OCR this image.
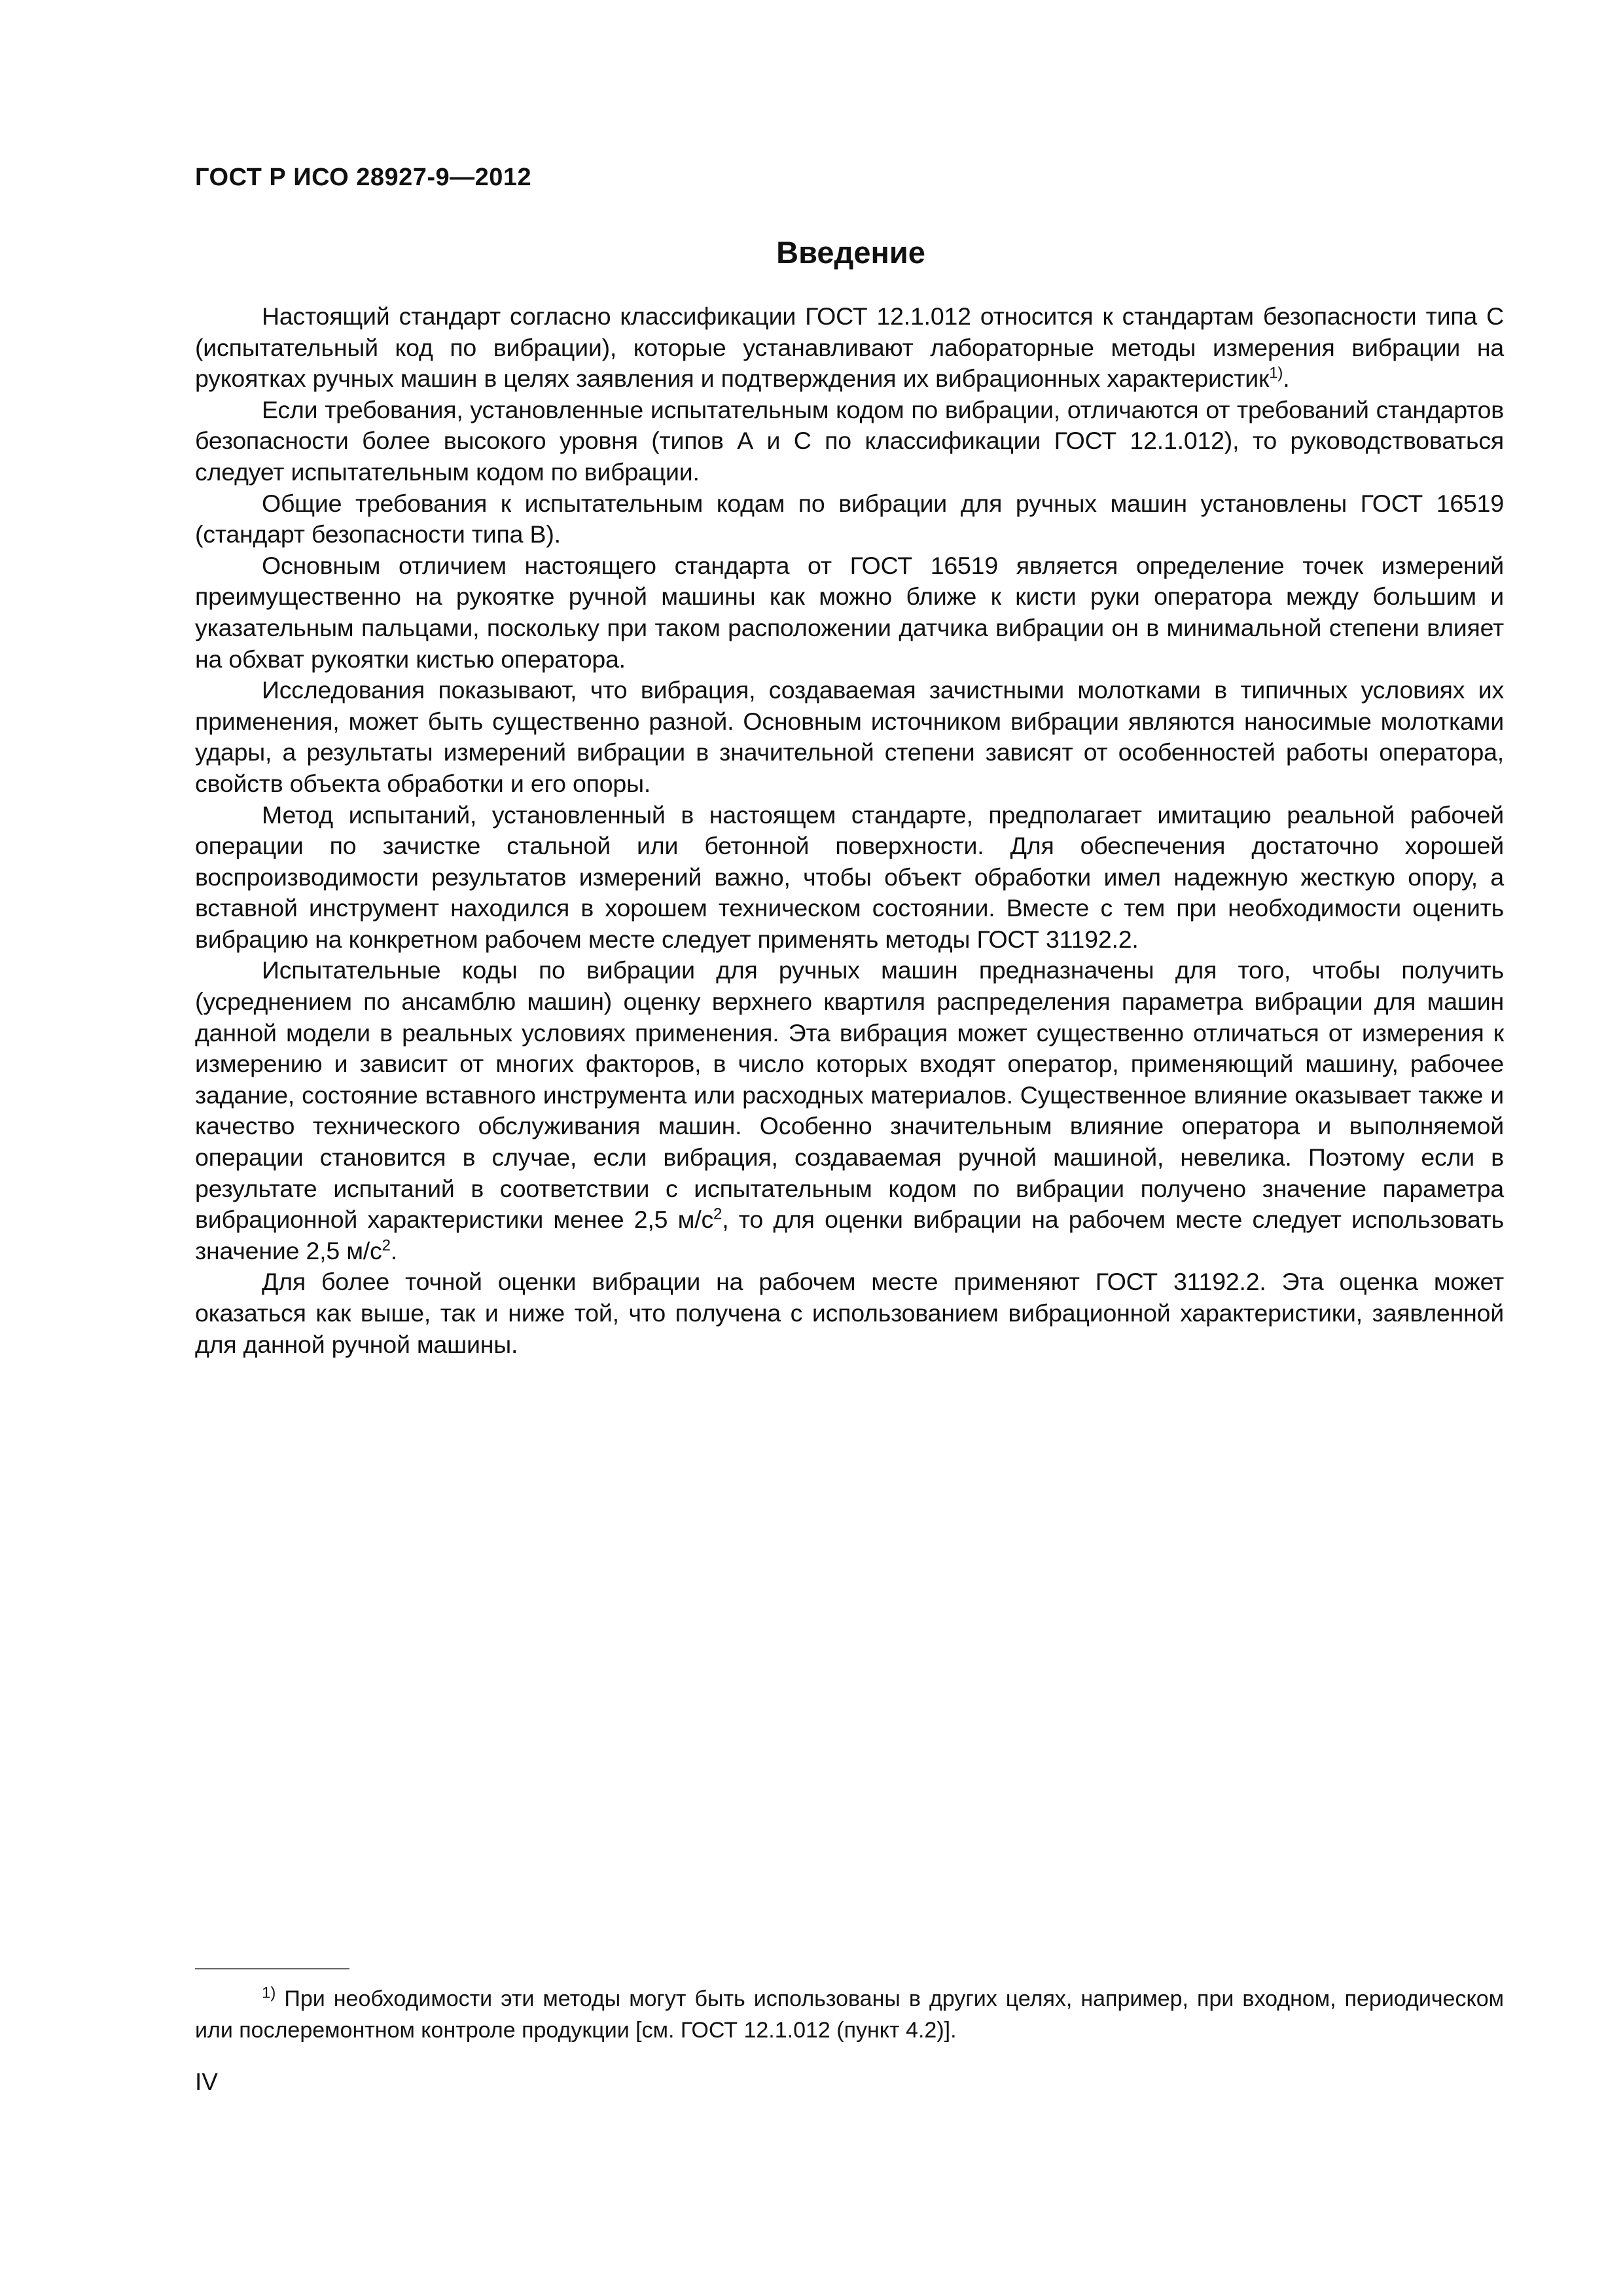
ГОСТ Р ИСО 28927-9—2012
Введение

Настоящий стандарт согласно классификации ГОСТ 12.1.012 относится к стандартам безопасности типа С (испытательный код по вибрации), которые устанавливают лабораторные методы измерения вибрации на рукоятках ручных машин в целях заявления и подтверждения их вибрационных характеристик$^{1)}$.

Если требования, установленные испытательным кодом по вибрации, отличаются от требований стандартов безопасности более высокого уровня (типов А и С по классификации ГОСТ 12.1.012), то руководствоваться следует испытательным кодом по вибрации.

Общие требования к испытательным кодам по вибрации для ручных машин установлены ГОСТ 16519 (стандарт безопасности типа В).

Основным отличием настоящего стандарта от ГОСТ 16519 является определение точек измерений преимущественно на рукоятке ручной машины как можно ближе к кисти руки оператора между большим и указательным пальцами, поскольку при таком расположении датчика вибрации он в минимальной степени влияет на обхват рукоятки кистью оператора.

Исследования показывают, что вибрация, создаваемая зачистными молотками в типичных условиях их применения, может быть существенно разной. Основным источником вибрации являются наносимые молотками удары, а результаты измерений вибрации в значительной степени зависят от особенностей работы оператора, свойств объекта обработки и его опоры.

Метод испытаний, установленный в настоящем стандарте, предполагает имитацию реальной рабочей операции по зачистке стальной или бетонной поверхности. Для обеспечения достаточно хорошей воспроизводимости результатов измерений важно, чтобы объект обработки имел надежную жесткую опору, а вставной инструмент находился в хорошем техническом состоянии. Вместе с тем при необходимости оценить вибрацию на конкретном рабочем месте следует применять методы ГОСТ 31192.2.

Испытательные коды по вибрации для ручных машин предназначены для того, чтобы получить (усреднением по ансамблю машин) оценку верхнего квартиля распределения параметра вибрации для машин данной модели в реальных условиях применения. Эта вибрация может существенно отличаться от измерения к измерению и зависит от многих факторов, в число которых входят оператор, применяющий машину, рабочее задание, состояние вставного инструмента или расходных материалов. Существенное влияние оказывает также и качество технического обслуживания машин. Особенно значительным влияние оператора и выполняемой операции становится в случае, если вибрация, создаваемая ручной машиной, невелика. Поэтому если в результате испытаний в соответствии с испытательным кодом по вибрации получено значение параметра вибрационной характеристики менее 2,5 $м/с^2$, то для оценки вибрации на рабочем месте следует использовать значение 2,5 $м/с^2$.

Для более точной оценки вибрации на рабочем месте применяют ГОСТ 31192.2. Эта оценка может оказаться как выше, так и ниже той, что получена с использованием вибрационной характеристики, заявленной для данной ручной машины.

$^{1)}$ При необходимости эти методы могут быть использованы в других целях, например, при входном, периодическом или послеремонтном контроле продукции [см. ГОСТ 12.1.012 (пункт 4.2)].

IV
